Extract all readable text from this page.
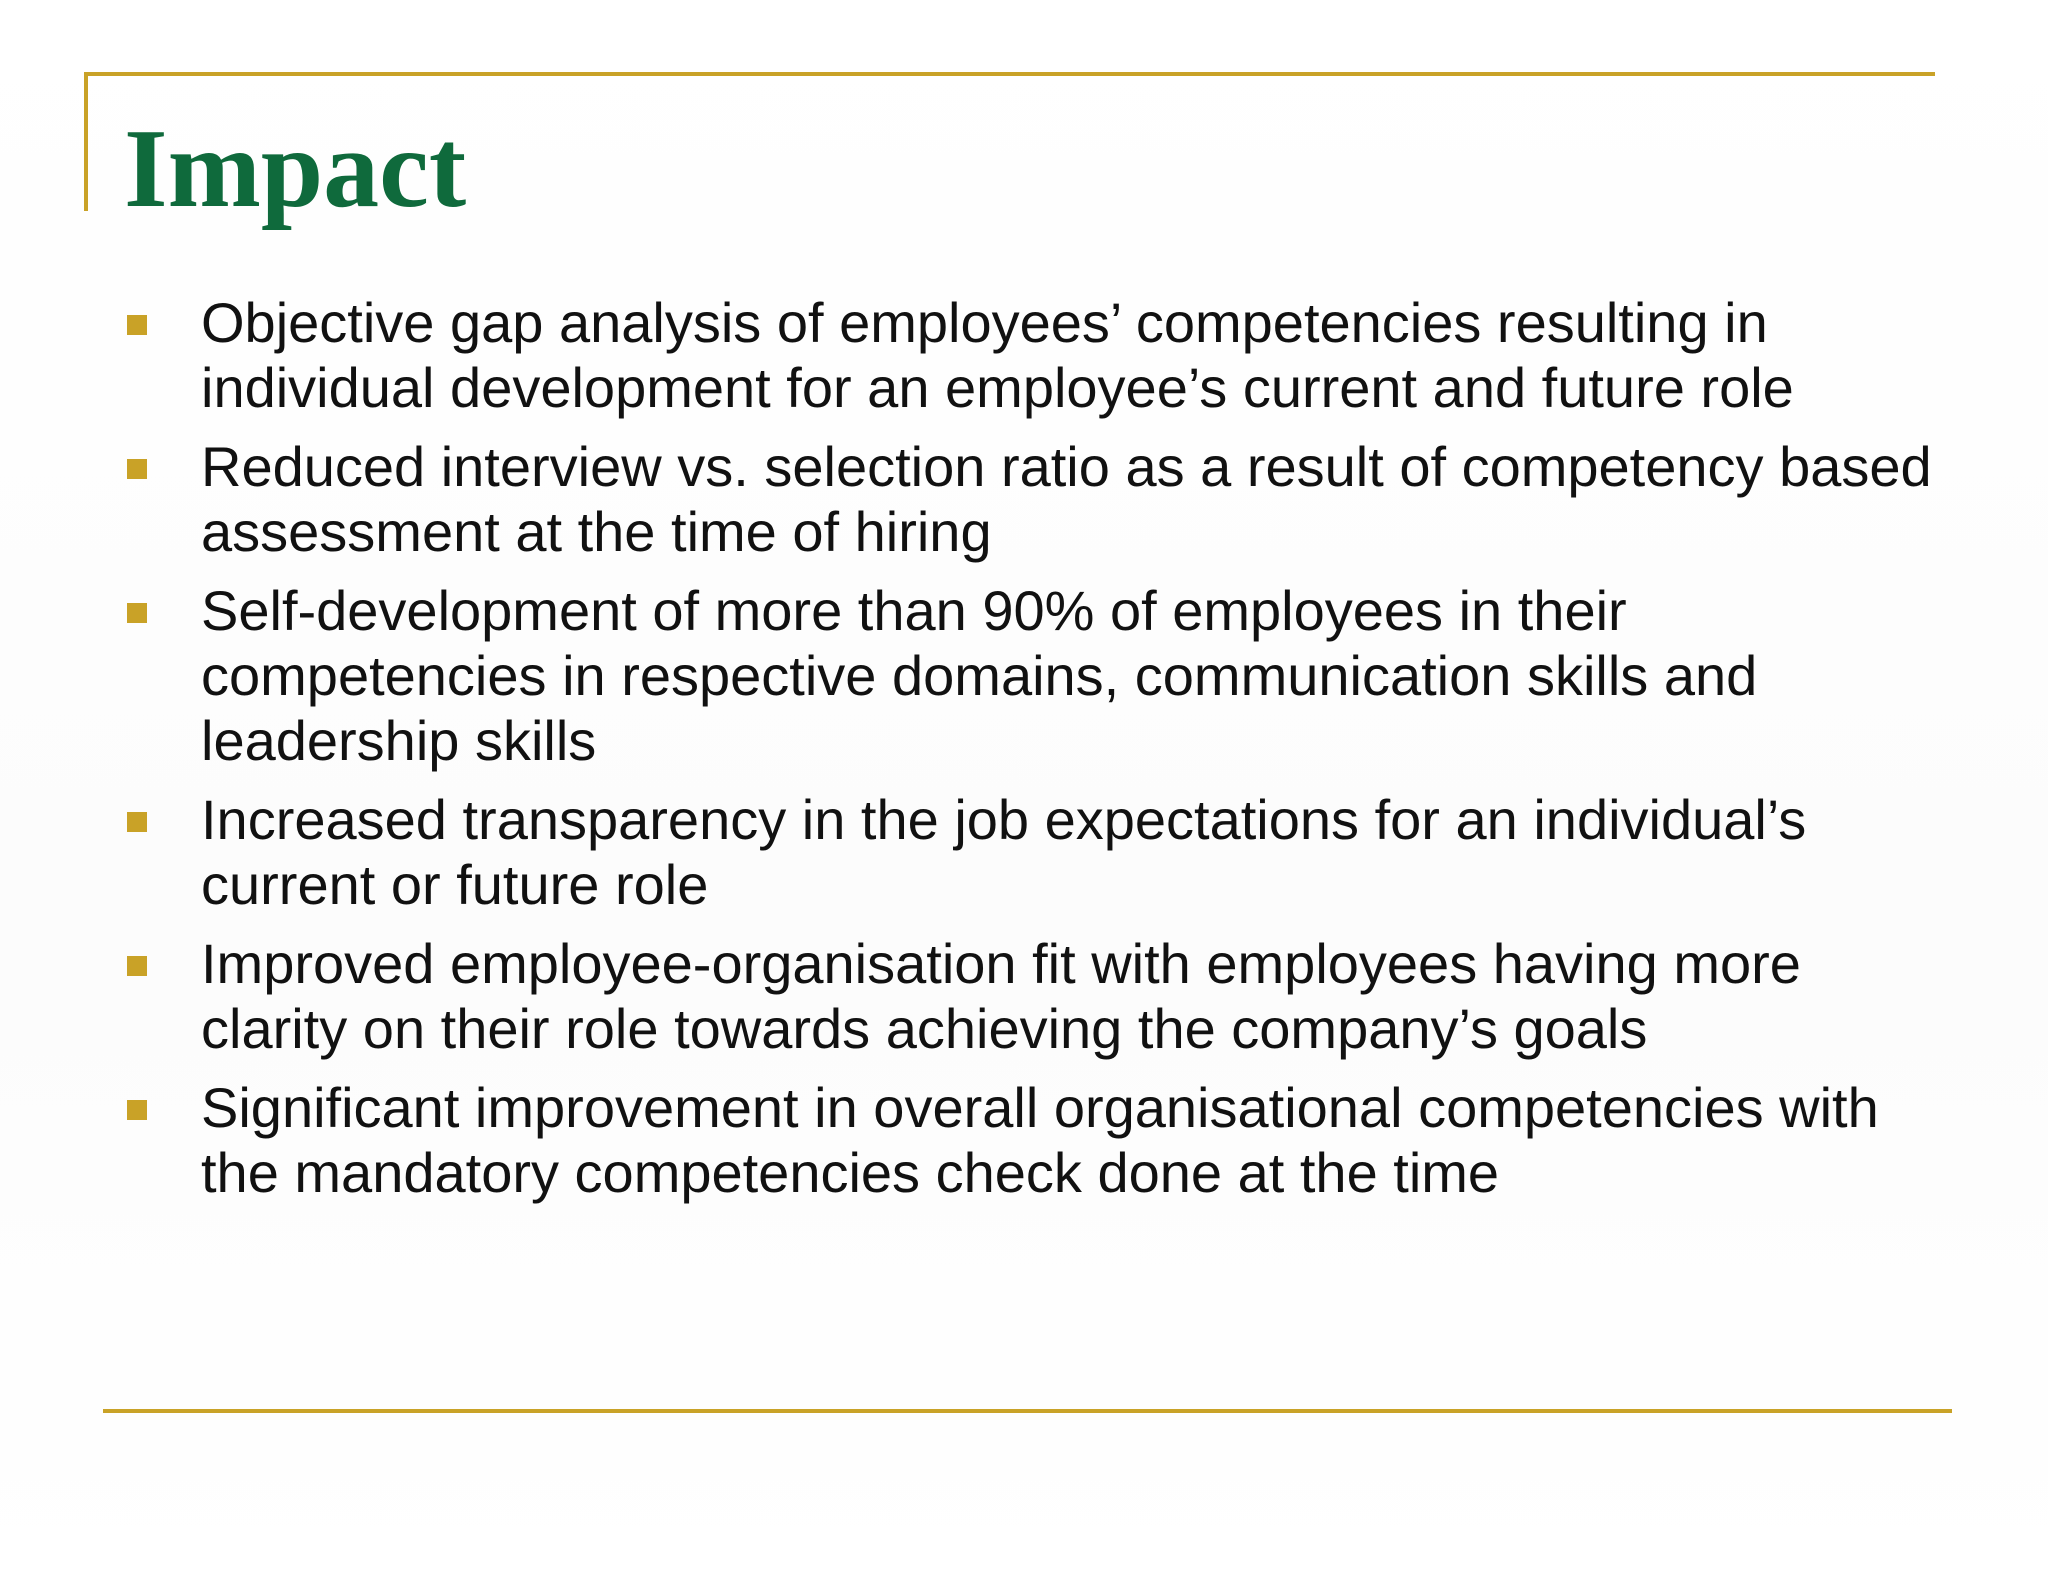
Impact
Objective gap analysis of employees’ competencies resulting in individual development for an employee’s current and future role
Reduced interview vs. selection ratio as a result of competency based assessment at the time of hiring
Self-development of more than 90% of employees in their competencies in respective domains, communication skills and leadership skills
Increased transparency in the job expectations for an individual’s current or future role
Improved employee-organisation fit with employees having more clarity on their role towards achieving the company’s goals
Significant improvement in overall organisational competencies with the mandatory competencies check done at the time
